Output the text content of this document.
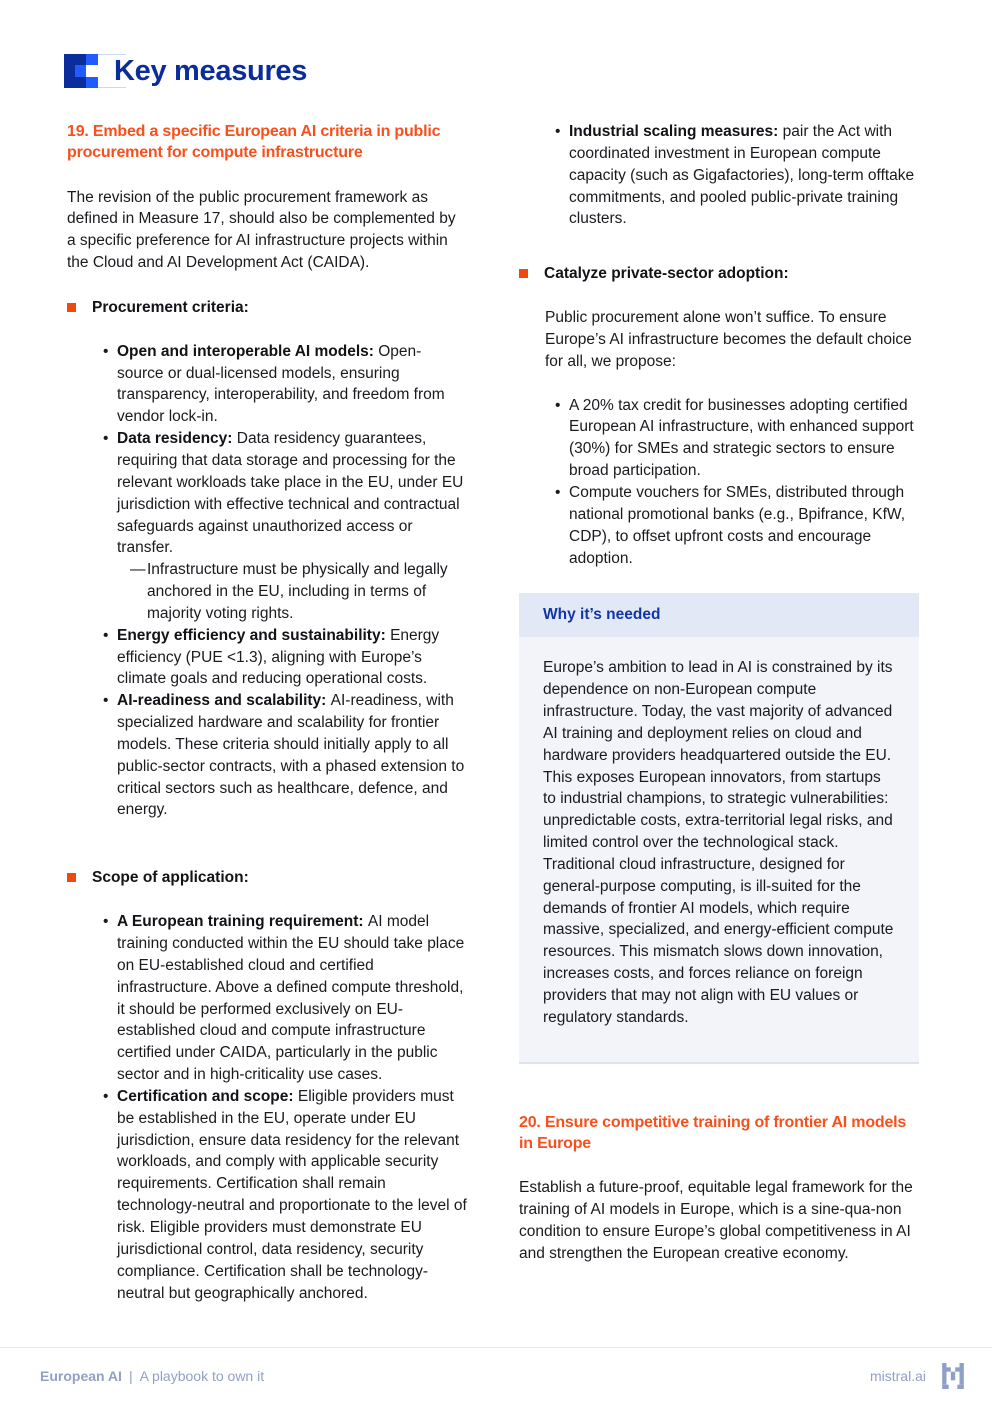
Key measures
19. Embed a specific European AI criteria in public procurement for compute infrastructure

The revision of the public procurement framework as defined in Measure 17, should also be complemented by a specific preference for AI infrastructure projects within the Cloud and AI Development Act (CAIDA).

Procurement criteria:
• Open and interoperable AI models: Open-source or dual-licensed models, ensuring transparency, interoperability, and freedom from vendor lock-in.
• Data residency: Data residency guarantees, requiring that data storage and processing for the relevant workloads take place in the EU, under EU jurisdiction with effective technical and contractual safeguards against unauthorized access or transfer.
— Infrastructure must be physically and legally anchored in the EU, including in terms of majority voting rights.
• Energy efficiency and sustainability: Energy efficiency (PUE <1.3), aligning with Europe’s climate goals and reducing operational costs.
• AI-readiness and scalability: AI-readiness, with specialized hardware and scalability for frontier models. These criteria should initially apply to all public-sector contracts, with a phased extension to critical sectors such as healthcare, defence, and energy.
Scope of application:
• A European training requirement: AI model training conducted within the EU should take place on EU-established cloud and certified infrastructure. Above a defined compute threshold, it should be performed exclusively on EU-established cloud and compute infrastructure certified under CAIDA, particularly in the public sector and in high-criticality use cases.
• Certification and scope: Eligible providers must be established in the EU, operate under EU jurisdiction, ensure data residency for the relevant workloads, and comply with applicable security requirements. Certification shall remain technology-neutral and proportionate to the level of risk. Eligible providers must demonstrate EU jurisdictional control, data residency, security compliance. Certification shall be technology-neutral but geographically anchored.
• Industrial scaling measures: pair the Act with coordinated investment in European compute capacity (such as Gigafactories), long-term offtake commitments, and pooled public-private training clusters.
Catalyze private-sector adoption:

Public procurement alone won’t suffice. To ensure Europe’s AI infrastructure becomes the default choice for all, we propose:

• A 20% tax credit for businesses adopting certified European AI infrastructure, with enhanced support (30%) for SMEs and strategic sectors to ensure broad participation.
• Compute vouchers for SMEs, distributed through national promotional banks (e.g., Bpifrance, KfW, CDP), to offset upfront costs and encourage adoption.
Why it’s needed
Europe’s ambition to lead in AI is constrained by its dependence on non-European compute infrastructure. Today, the vast majority of advanced AI training and deployment relies on cloud and hardware providers headquartered outside the EU. This exposes European innovators, from startups to industrial champions, to strategic vulnerabilities: unpredictable costs, extra-territorial legal risks, and limited control over the technological stack. Traditional cloud infrastructure, designed for general-purpose computing, is ill-suited for the demands of frontier AI models, which require massive, specialized, and energy-efficient compute resources. This mismatch slows down innovation, increases costs, and forces reliance on foreign providers that may not align with EU values or regulatory standards.
20. Ensure competitive training of frontier AI models in Europe

Establish a future-proof, equitable legal framework for the training of AI models in Europe, which is a sine-qua-non condition to ensure Europe’s global competitiveness in AI and strengthen the European creative economy.

European AI | A playbook to own it	mistral.ai
